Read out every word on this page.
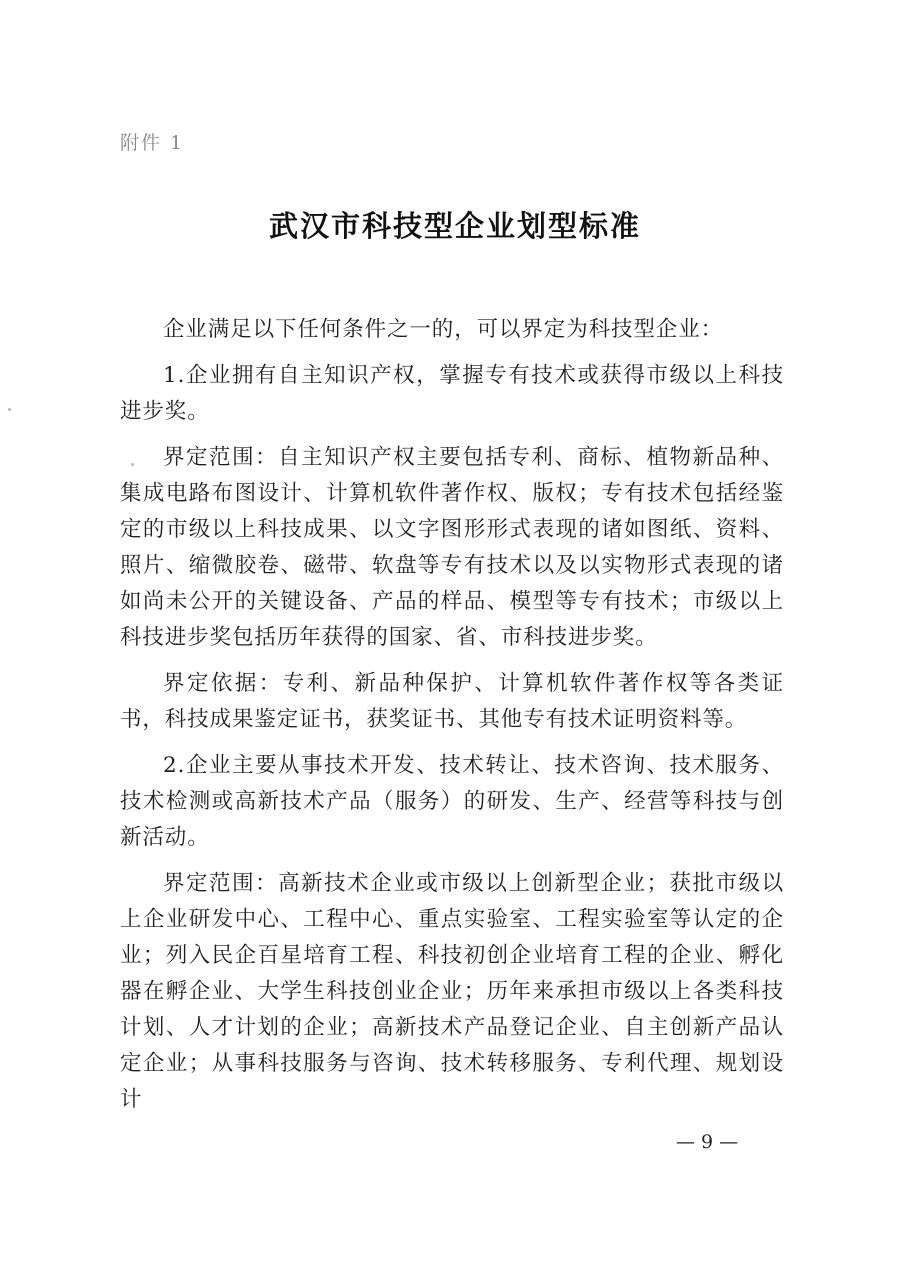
附件 1
武汉市科技型企业划型标准

企业满足以下任何条件之一的，可以界定为科技型企业：

1.企业拥有自主知识产权，掌握专有技术或获得市级以上科技进步奖。

界定范围：自主知识产权主要包括专利、商标、植物新品种、集成电路布图设计、计算机软件著作权、版权；专有技术包括经鉴定的市级以上科技成果、以文字图形形式表现的诸如图纸、资料、照片、缩微胶卷、磁带、软盘等专有技术以及以实物形式表现的诸如尚未公开的关键设备、产品的样品、模型等专有技术；市级以上科技进步奖包括历年获得的国家、省、市科技进步奖。

界定依据：专利、新品种保护、计算机软件著作权等各类证书，科技成果鉴定证书，获奖证书、其他专有技术证明资料等。

2.企业主要从事技术开发、技术转让、技术咨询、技术服务、技术检测或高新技术产品（服务）的研发、生产、经营等科技与创新活动。

界定范围：高新技术企业或市级以上创新型企业；获批市级以上企业研发中心、工程中心、重点实验室、工程实验室等认定的企业；列入民企百星培育工程、科技初创企业培育工程的企业、孵化器在孵企业、大学生科技创业企业；历年来承担市级以上各类科技计划、人才计划的企业；高新技术产品登记企业、自主创新产品认定企业；从事科技服务与咨询、技术转移服务、专利代理、规划设计

— 9 —
